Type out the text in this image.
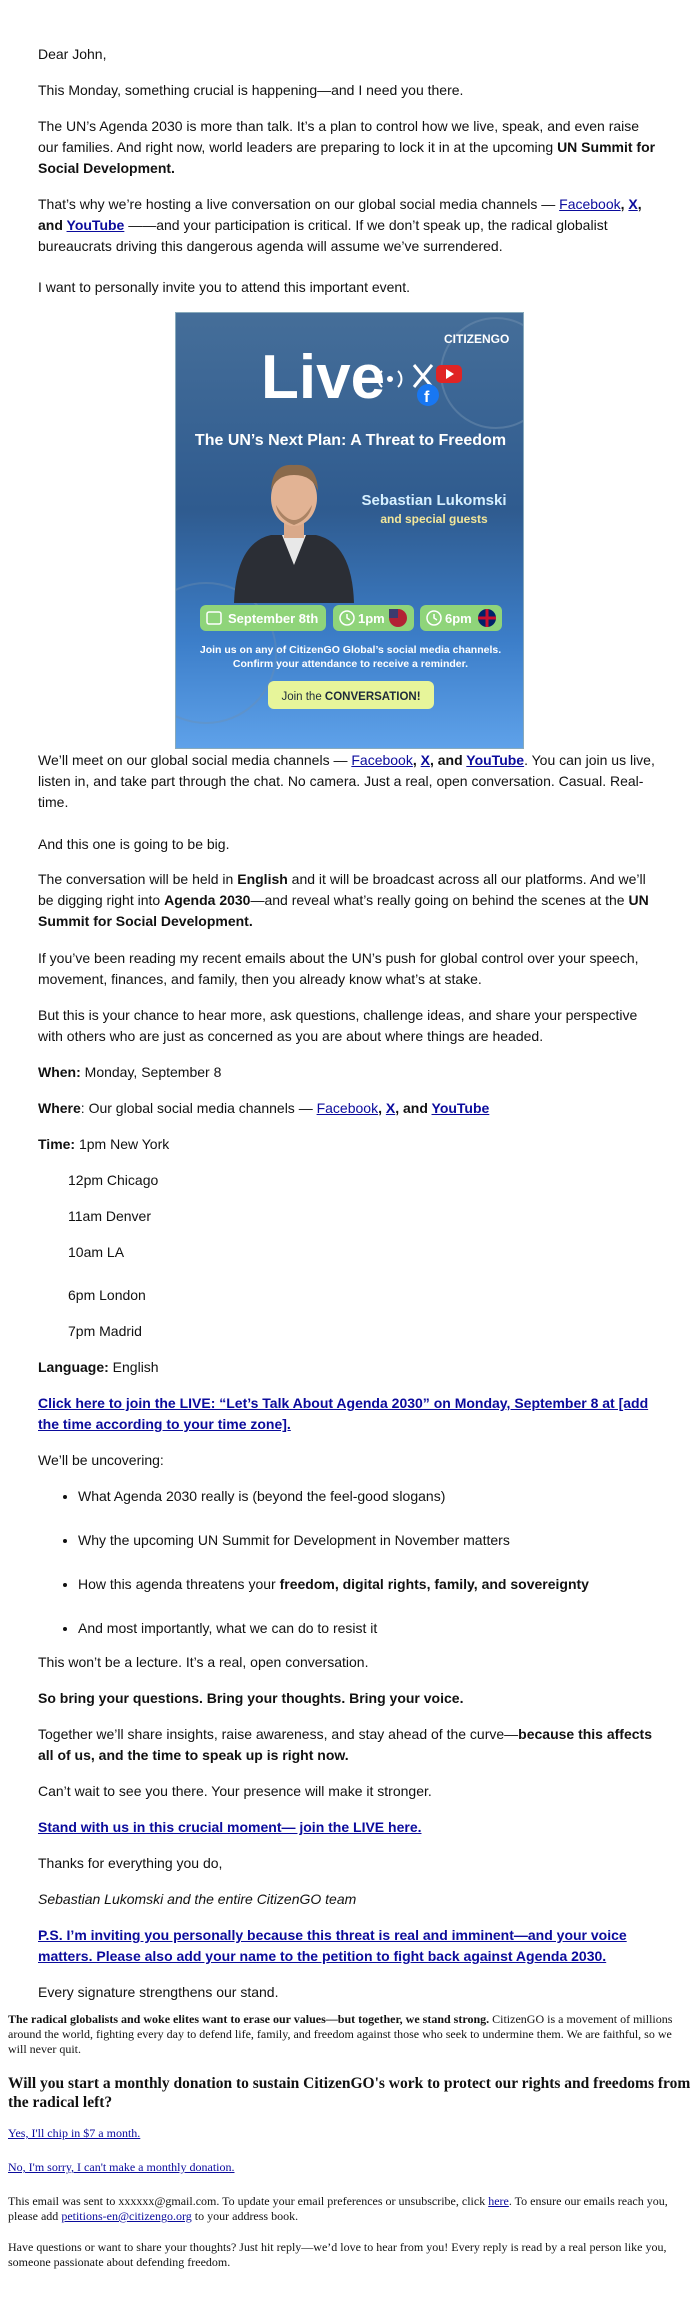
Dear John,

This Monday, something crucial is happening—and I need you there.

The UN’s Agenda 2030 is more than talk. It’s a plan to control how we live, speak, and even raise our families. And right now, world leaders are preparing to lock it in at the upcoming UN Summit for Social Development.

That’s why we’re hosting a live conversation on our global social media channels — Facebook, X, and YouTube ——and your participation is critical. If we don’t speak up, the radical globalist bureaucrats driving this dangerous agenda will assume we’ve surrendered.

I want to personally invite you to attend this important event.

CITIZENGO
Live f
The UN’s Next Plan: A Threat to Freedom
Sebastian Lukomski
and special guests
September 8th	1pm	6pm
Join us on any of CitizenGO Global’s social media channels.
Confirm your attendance to receive a reminder.
Join the CONVERSATION!

We’ll meet on our global social media channels — Facebook, X, and YouTube. You can join us live, listen in, and take part through the chat. No camera. Just a real, open conversation. Casual. Real-time.

And this one is going to be big.

The conversation will be held in English and it will be broadcast across all our platforms. And we’ll be digging right into Agenda 2030—and reveal what’s really going on behind the scenes at the UN Summit for Social Development.

If you’ve been reading my recent emails about the UN’s push for global control over your speech, movement, finances, and family, then you already know what’s at stake.

But this is your chance to hear more, ask questions, challenge ideas, and share your perspective with others who are just as concerned as you are about where things are headed.

When: Monday, September 8

Where: Our global social media channels — Facebook, X, and YouTube

Time: 1pm New York

12pm Chicago

11am Denver

10am LA

6pm London

7pm Madrid

Language: English

Click here to join the LIVE: “Let’s Talk About Agenda 2030” on Monday, September 8 at [add the time according to your time zone].

We’ll be uncovering:

• What Agenda 2030 really is (beyond the feel-good slogans)
• Why the upcoming UN Summit for Development in November matters
• How this agenda threatens your freedom, digital rights, family, and sovereignty
• And most importantly, what we can do to resist it

This won’t be a lecture. It’s a real, open conversation.

So bring your questions. Bring your thoughts. Bring your voice.

Together we’ll share insights, raise awareness, and stay ahead of the curve—because this affects all of us, and the time to speak up is right now.

Can’t wait to see you there. Your presence will make it stronger.

Stand with us in this crucial moment— join the LIVE here.

Thanks for everything you do,

Sebastian Lukomski and the entire CitizenGO team

P.S. I’m inviting you personally because this threat is real and imminent—and your voice matters. Please also add your name to the petition to fight back against Agenda 2030.

Every signature strengthens our stand.

The radical globalists and woke elites want to erase our values—but together, we stand strong. CitizenGO is a movement of millions around the world, fighting every day to defend life, family, and freedom against those who seek to undermine them. We are faithful, so we will never quit.
Will you start a monthly donation to sustain CitizenGO's work to protect our rights and freedoms from the radical left?
Yes, I'll chip in $7 a month.
No, I'm sorry, I can't make a monthly donation.
This email was sent to xxxxxx@gmail.com. To update your email preferences or unsubscribe, click here. To ensure our emails reach you, please add petitions-en@citizengo.org to your address book.
Have questions or want to share your thoughts? Just hit reply—we’d love to hear from you! Every reply is read by a real person like you, someone passionate about defending freedom.
